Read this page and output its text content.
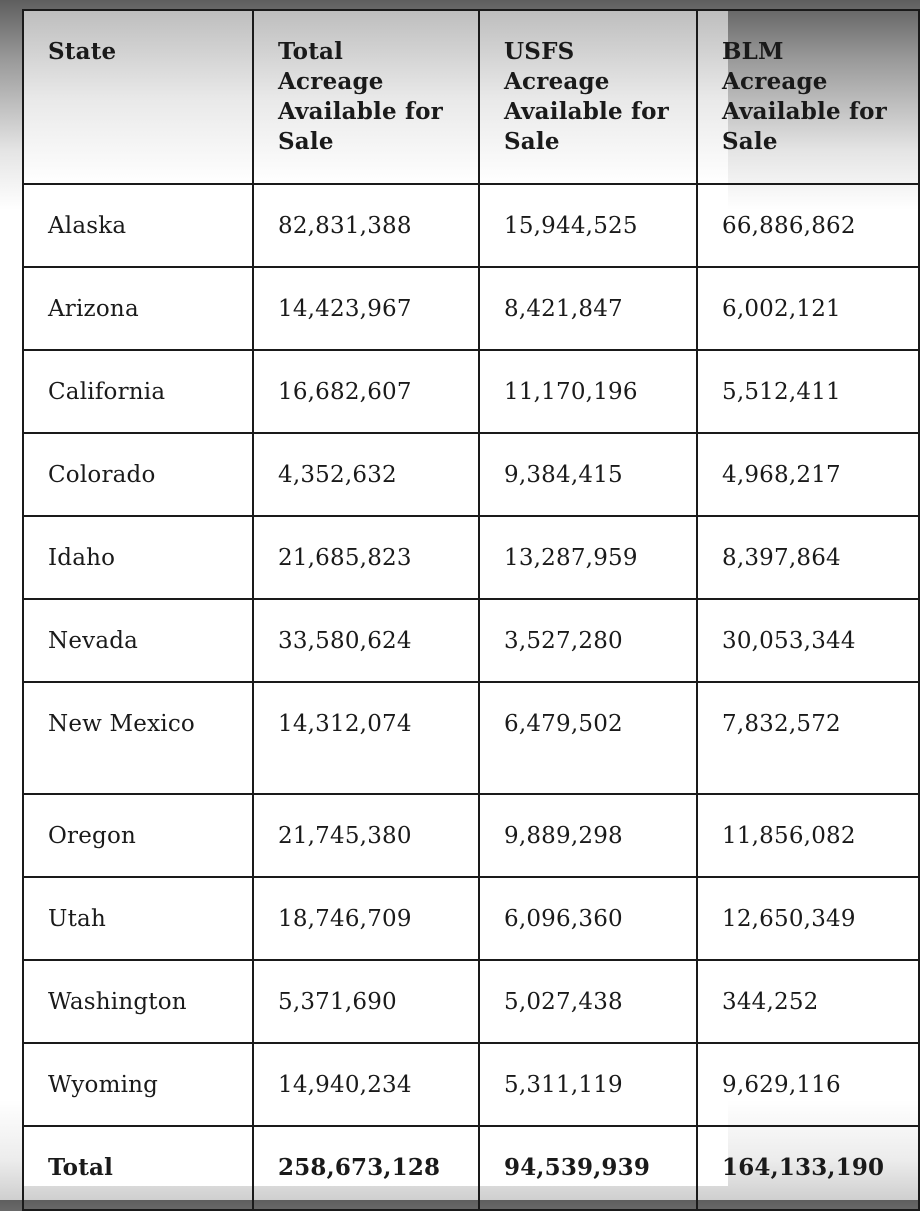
State	Total Acreage Available for Sale	USFS Acreage Available for Sale	BLM Acreage Available for Sale
Alaska	82,831,388	15,944,525	66,886,862
Arizona	14,423,967	8,421,847	6,002,121
California	16,682,607	11,170,196	5,512,411
Colorado	4,352,632	9,384,415	4,968,217
Idaho	21,685,823	13,287,959	8,397,864
Nevada	33,580,624	3,527,280	30,053,344
New Mexico	14,312,074	6,479,502	7,832,572
Oregon	21,745,380	9,889,298	11,856,082
Utah	18,746,709	6,096,360	12,650,349
Washington	5,371,690	5,027,438	344,252
Wyoming	14,940,234	5,311,119	9,629,116
Total	258,673,128	94,539,939	164,133,190
